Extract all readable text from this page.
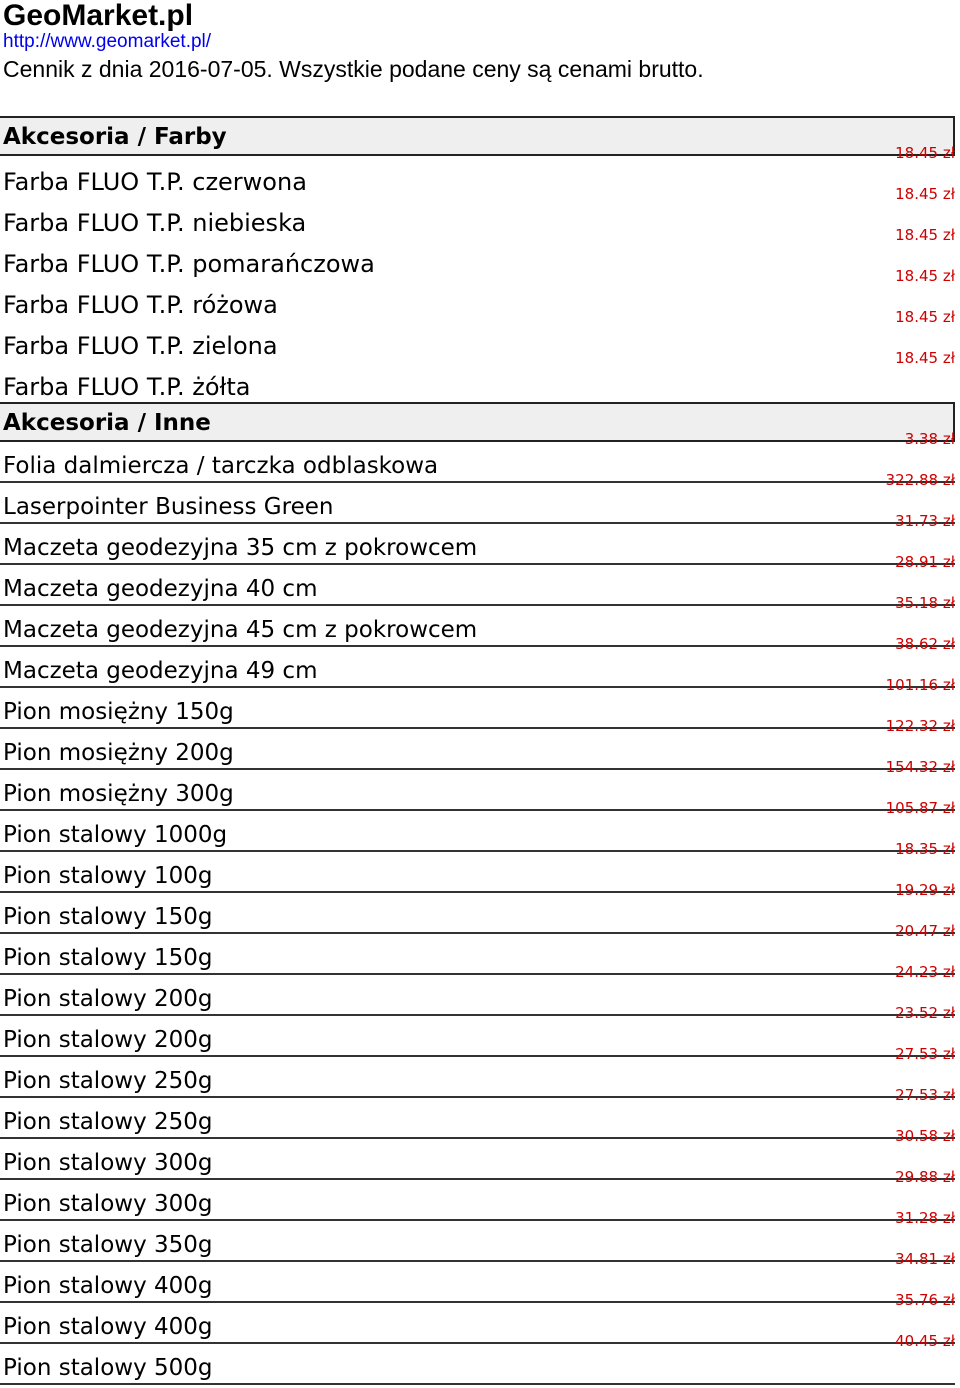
GeoMarket.pl
http://www.geomarket.pl/
Cennik z dnia 2016-07-05. Wszystkie podane ceny są cenami brutto.
Akcesoria / Farby
Farba FLUO T.P. czerwona
18.45 zł
Farba FLUO T.P. niebieska
18.45 zł
Farba FLUO T.P. pomarańczowa
18.45 zł
Farba FLUO T.P. różowa
18.45 zł
Farba FLUO T.P. zielona
18.45 zł
Farba FLUO T.P. żółta
18.45 zł
Akcesoria / Inne
Folia dalmiercza / tarczka odblaskowa
3.38 zł
Laserpointer Business Green
322.88 zł
Maczeta geodezyjna 35 cm z pokrowcem
31.73 zł
Maczeta geodezyjna 40 cm
28.91 zł
Maczeta geodezyjna 45 cm z pokrowcem
35.18 zł
Maczeta geodezyjna 49 cm
38.62 zł
Pion mosiężny 150g
101.16 zł
Pion mosiężny 200g
122.32 zł
Pion mosiężny 300g
154.32 zł
Pion stalowy 1000g
105.87 zł
Pion stalowy 100g
18.35 zł
Pion stalowy 150g
19.29 zł
Pion stalowy 150g
20.47 zł
Pion stalowy 200g
24.23 zł
Pion stalowy 200g
23.52 zł
Pion stalowy 250g
27.53 zł
Pion stalowy 250g
27.53 zł
Pion stalowy 300g
30.58 zł
Pion stalowy 300g
29.88 zł
Pion stalowy 350g
31.28 zł
Pion stalowy 400g
34.81 zł
Pion stalowy 400g
35.76 zł
Pion stalowy 500g
40.45 zł
